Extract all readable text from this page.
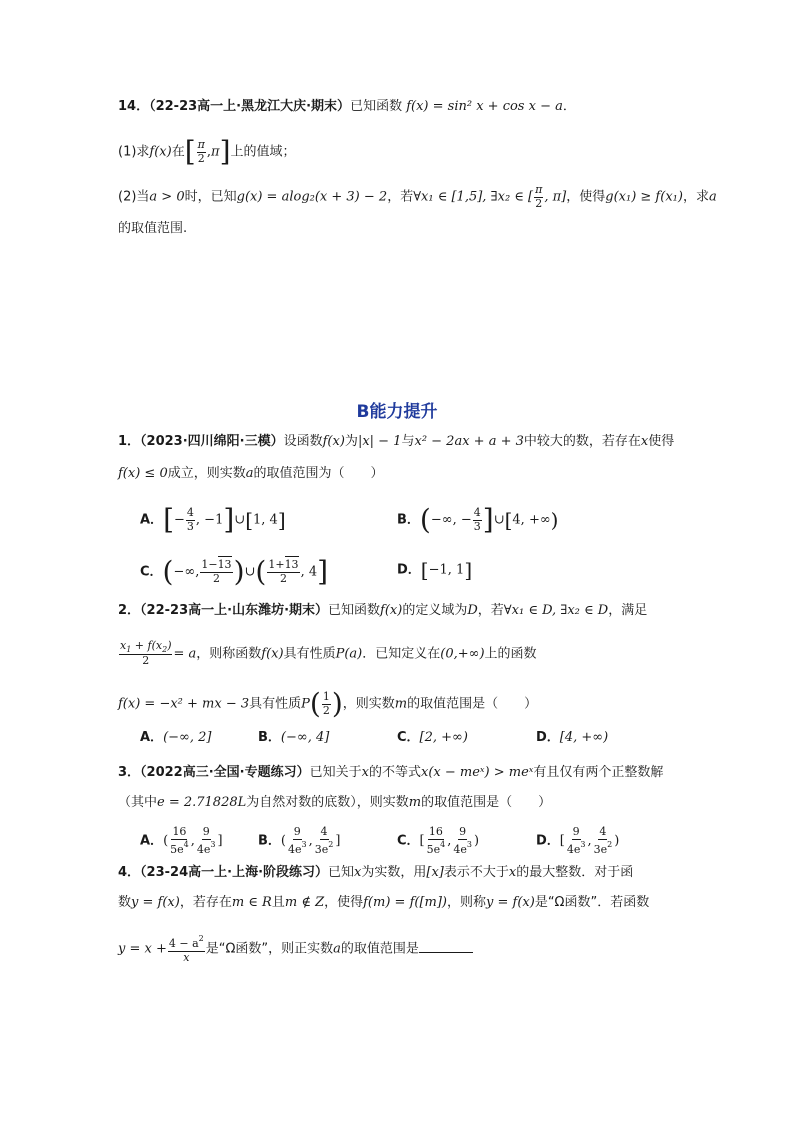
14．（22-23高一上·黑龙江大庆·期末）已知函数 f(x) = sin² x + cos x − a．
(1)求f(x)在[ $\frac{\pi}{2} ,\pi$]上的值域；
(2)当a > 0时，已知g(x) = alog₂(x + 3) − 2，若∀x₁ ∈ [1,5], ∃x₂ ∈ [ $\frac{\pi}{2}$ , π]，使得g(x₁) ≥ f(x₁)，求a
的取值范围.
B能力提升
1．（2023·四川绵阳·三模）设函数f(x)为|x| − 1与x² − 2ax + a + 3中较大的数，若存在x使得
f(x) ≤ 0成立，则实数a的取值范围为（　　）
A．[− $\frac{4}{3}$ , −1]∪[1, 4]	B．(−∞, − $\frac{4}{3}$ ]∪[4, +∞)
C．(−∞, $\frac{1-13}{2}$ )∪( $\frac{1+13}{2}$ , 4]	D．[−1, 1]
2．（22-23高一上·山东潍坊·期末）已知函数f(x)的定义域为D，若∀x₁ ∈ D, ∃x₂ ∈ D，满足
$\frac{x_1 + f(x_2)}{2} = a$，则称函数f(x)具有性质P(a)．已知定义在(0,+∞)上的函数
f(x) = −x² + mx − 3具有性质$P( \frac{1}{2}$ )，则实数m的取值范围是（　　）
A．(−∞, 2]	B．(−∞, 4]	C．[2, +∞)	D．[4, +∞)
3．（2022高三·全国·专题练习）已知关于x的不等式x(x − meˣ) > meˣ有且仅有两个正整数解
（其中e = 2.71828L为自然对数的底数），则实数m的取值范围是（　　）
A．( $\frac{16}{5e^4}$ , $\frac{9}{4e^3}$ ]	B．( $\frac{9}{4e^3}$ , $\frac{4}{3e^2}$ ]	C．[ $\frac{16}{5e^4}$ , $\frac{9}{4e^3}$ )	D．[ $\frac{9}{4e^3}$ , $\frac{4}{3e^2}$ )
4．（23-24高一上·上海·阶段练习）已知x为实数，用[x]表示不大于x的最大整数．对于函
数y = f(x)，若存在m ∈ R且m ∉ Z，使得f(m) = f([m])，则称y = f(x)是“Ω函数”．若函数
$y = x + \frac{4 - a^2}{x}$ 是“Ω函数”，则正实数a的取值范围是
